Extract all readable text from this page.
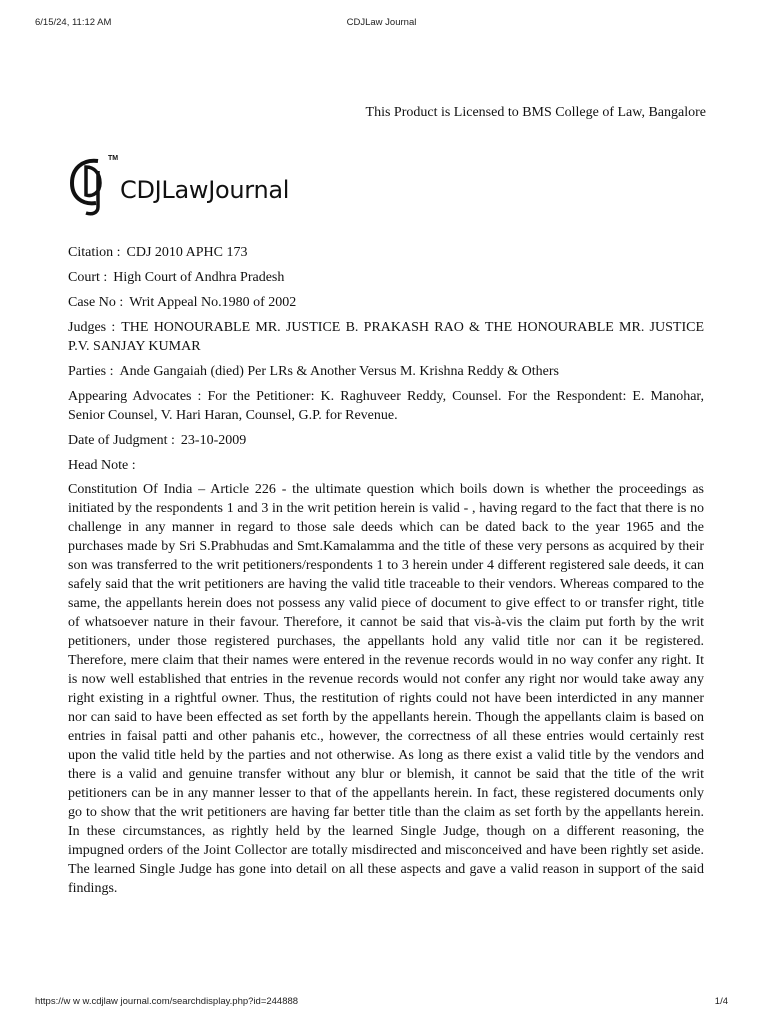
6/15/24, 11:12 AM	CDJLaw Journal
This Product is Licensed to BMS College of Law, Bangalore
TM
CDJLawJournal
Citation : CDJ 2010 APHC 173
Court : High Court of Andhra Pradesh
Case No : Writ Appeal No.1980 of 2002
Judges : THE HONOURABLE MR. JUSTICE B. PRAKASH RAO & THE HONOURABLE MR. JUSTICE P.V. SANJAY KUMAR
Parties : Ande Gangaiah (died) Per LRs & Another Versus M. Krishna Reddy & Others
Appearing Advocates : For the Petitioner: K. Raghuveer Reddy, Counsel. For the Respondent: E. Manohar, Senior Counsel, V. Hari Haran, Counsel, G.P. for Revenue.
Date of Judgment : 23-10-2009
Head Note :
Constitution Of India – Article 226 - the ultimate question which boils down is whether the proceedings as initiated by the respondents 1 and 3 in the writ petition herein is valid - , having regard to the fact that there is no challenge in any manner in regard to those sale deeds which can be dated back to the year 1965 and the purchases made by Sri S.Prabhudas and Smt.Kamalamma and the title of these very persons as acquired by their son was transferred to the writ petitioners/respondents 1 to 3 herein under 4 different registered sale deeds, it can safely said that the writ petitioners are having the valid title traceable to their vendors. Whereas compared to the same, the appellants herein does not possess any valid piece of document to give effect to or transfer right, title of whatsoever nature in their favour. Therefore, it cannot be said that vis-à-vis the claim put forth by the writ petitioners, under those registered purchases, the appellants hold any valid title nor can it be registered. Therefore, mere claim that their names were entered in the revenue records would in no way confer any right. It is now well established that entries in the revenue records would not confer any right nor would take away any right existing in a rightful owner. Thus, the restitution of rights could not have been interdicted in any manner nor can said to have been effected as set forth by the appellants herein. Though the appellants claim is based on entries in faisal patti and other pahanis etc., however, the correctness of all these entries would certainly rest upon the valid title held by the parties and not otherwise. As long as there exist a valid title by the vendors and there is a valid and genuine transfer without any blur or blemish, it cannot be said that the title of the writ petitioners can be in any manner lesser to that of the appellants herein. In fact, these registered documents only go to show that the writ petitioners are having far better title than the claim as set forth by the appellants herein. In these circumstances, as rightly held by the learned Single Judge, though on a different reasoning, the impugned orders of the Joint Collector are totally misdirected and misconceived and have been rightly set aside. The learned Single Judge has gone into detail on all these aspects and gave a valid reason in support of the said findings.
https://w w w.cdjlaw journal.com/searchdisplay.php?id=244888	1/4
